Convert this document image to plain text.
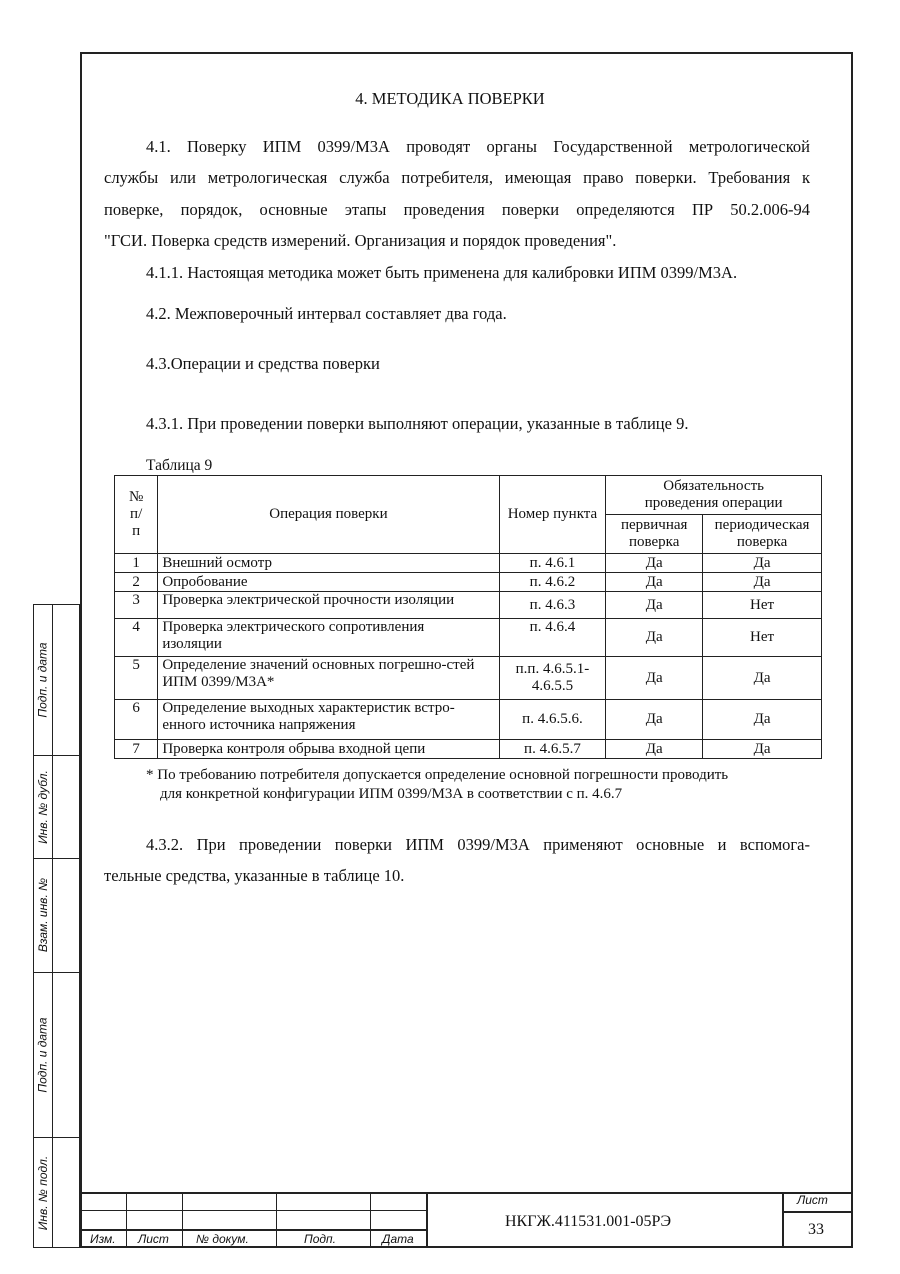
4. МЕТОДИКА ПОВЕРКИ
4.1. Поверку ИПМ 0399/М3А проводят органы Государственной метрологической
службы или метрологическая служба потребителя, имеющая право поверки. Требования к
поверке, порядок, основные этапы проведения поверки определяются ПР 50.2.006-94
"ГСИ. Поверка средств измерений. Организация и порядок проведения".
4.1.1. Настоящая методика может быть применена для калибровки ИПМ 0399/М3А.
4.2. Межповерочный интервал составляет два года.
4.3.Операции и средства поверки
4.3.1. При проведении поверки выполняют операции, указанные в таблице 9.
Таблица 9
№ п/п	Операция поверки	Номер пункта	Обязательность проведения операции	
			первичная поверка	периодическая поверка
1	Внешний осмотр	п. 4.6.1	Да	Да
2	Опробование	п. 4.6.2	Да	Да
3	Проверка электрической прочности изоляции	п. 4.6.3	Да	Нет
4	Проверка электрического сопротивления изоляции	п. 4.6.4	Да	Нет
5	Определение значений основных погрешно-стей ИПМ 0399/М3А*	п.п. 4.6.5.1-4.6.5.5	Да	Да
6	Определение выходных характеристик встро-енного источника напряжения	п. 4.6.5.6.	Да	Да
7	Проверка контроля обрыва входной цепи	п. 4.6.5.7	Да	Да
* По требованию потребителя допускается определение основной погрешности проводить
для конкретной конфигурации ИПМ 0399/М3А в соответствии с п. 4.6.7
4.3.2. При проведении поверки ИПМ 0399/М3А применяют основные и вспомога-
тельные средства, указанные в таблице 10.
Подп. и дата
Инв. № дубл.
Взам. инв. №
Подп. и дата
Инв. № подл.
Изм. Лист № докум.	Подп.	Дата
НКГЖ.411531.001-05РЭ
Лист
33
